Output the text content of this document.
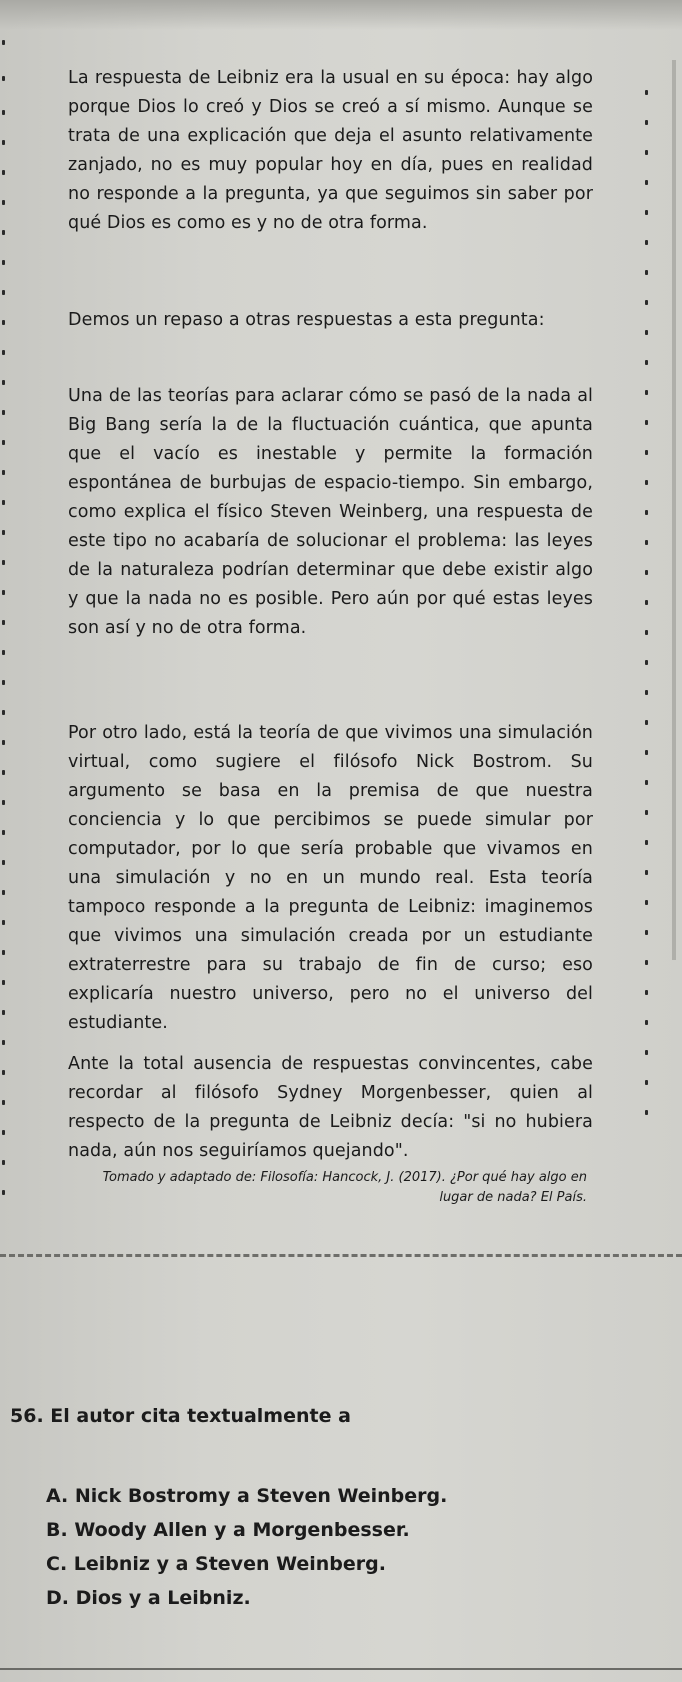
La respuesta de Leibniz era la usual en su época: hay algo porque Dios lo creó y Dios se creó a sí mismo. Aunque se trata de una explicación que deja el asunto relativamente zanjado, no es muy popular hoy en día, pues en realidad no responde a la pregunta, ya que seguimos sin saber por qué Dios es como es y no de otra forma.

Demos un repaso a otras respuestas a esta pregunta:

Una de las teorías para aclarar cómo se pasó de la nada al Big Bang sería la de la fluctuación cuántica, que apunta que el vacío es inestable y permite la formación espontánea de burbujas de espacio-tiempo. Sin embargo, como explica el físico Steven Weinberg, una respuesta de este tipo no acabaría de solucionar el problema: las leyes de la naturaleza podrían determinar que debe existir algo y que la nada no es posible. Pero aún por qué estas leyes son así y no de otra forma.

Por otro lado, está la teoría de que vivimos una simulación virtual, como sugiere el filósofo Nick Bostrom. Su argumento se basa en la premisa de que nuestra conciencia y lo que percibimos se puede simular por computador, por lo que sería probable que vivamos en una simulación y no en un mundo real. Esta teoría tampoco responde a la pregunta de Leibniz: imaginemos que vivimos una simulación creada por un estudiante extraterrestre para su trabajo de fin de curso; eso explicaría nuestro universo, pero no el universo del estudiante.

Ante la total ausencia de respuestas convincentes, cabe recordar al filósofo Sydney Morgenbesser, quien al respecto de la pregunta de Leibniz decía: "si no hubiera nada, aún nos seguiríamos quejando".

Tomado y adaptado de: Filosofía: Hancock, J. (2017). ¿Por qué hay algo en lugar de nada? El País.

56. El autor cita textualmente a

A. Nick Bostromy a Steven Weinberg.
B. Woody Allen y a Morgenbesser.
C. Leibniz y a Steven Weinberg.
D. Dios y a Leibniz.
